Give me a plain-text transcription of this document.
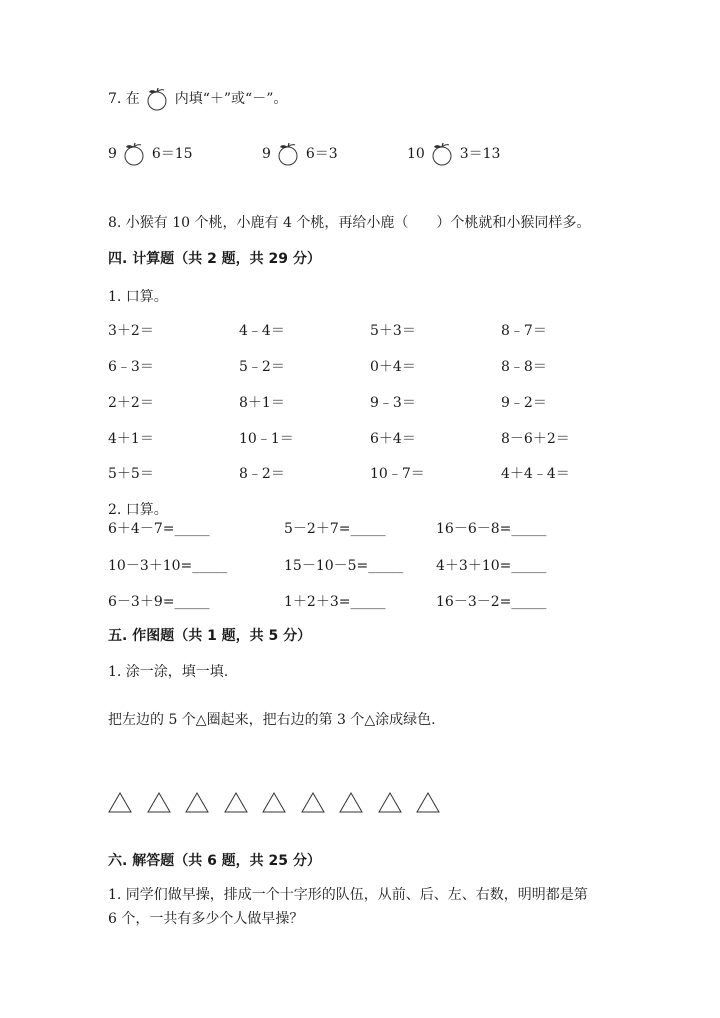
7. 在 内填“＋”或“－”。
9 6＝15	9 6＝3	10 3＝13
8. 小猴有 10 个桃，小鹿有 4 个桃，再给小鹿（　　）个桃就和小猴同样多。
四. 计算题（共 2 题，共 29 分）
1. 口算。
3＋2＝	4﹣4＝	5＋3＝	8﹣7＝
6﹣3＝	5﹣2＝	0＋4＝	8﹣8＝
2＋2＝	8＋1＝	9﹣3＝	9﹣2＝
4＋1＝	10﹣1＝	6＋4＝	8－6＋2＝
5＋5＝	8﹣2＝	10﹣7＝	4＋4﹣4＝
2. 口算。
6＋4－7=_____	5－2＋7=_____	16－6－8=_____
10－3＋10=_____	15－10－5=_____ 4＋3＋10=_____
6－3＋9=_____	1＋2＋3=_____	16－3－2=_____
五. 作图题（共 1 题，共 5 分）
1. 涂一涂，填一填.
把左边的 5 个△圈起来，把右边的第 3 个△涂成绿色.
六. 解答题（共 6 题，共 25 分）
1. 同学们做早操，排成一个十字形的队伍，从前、后、左、右数，明明都是第
6 个，一共有多少个人做早操？
